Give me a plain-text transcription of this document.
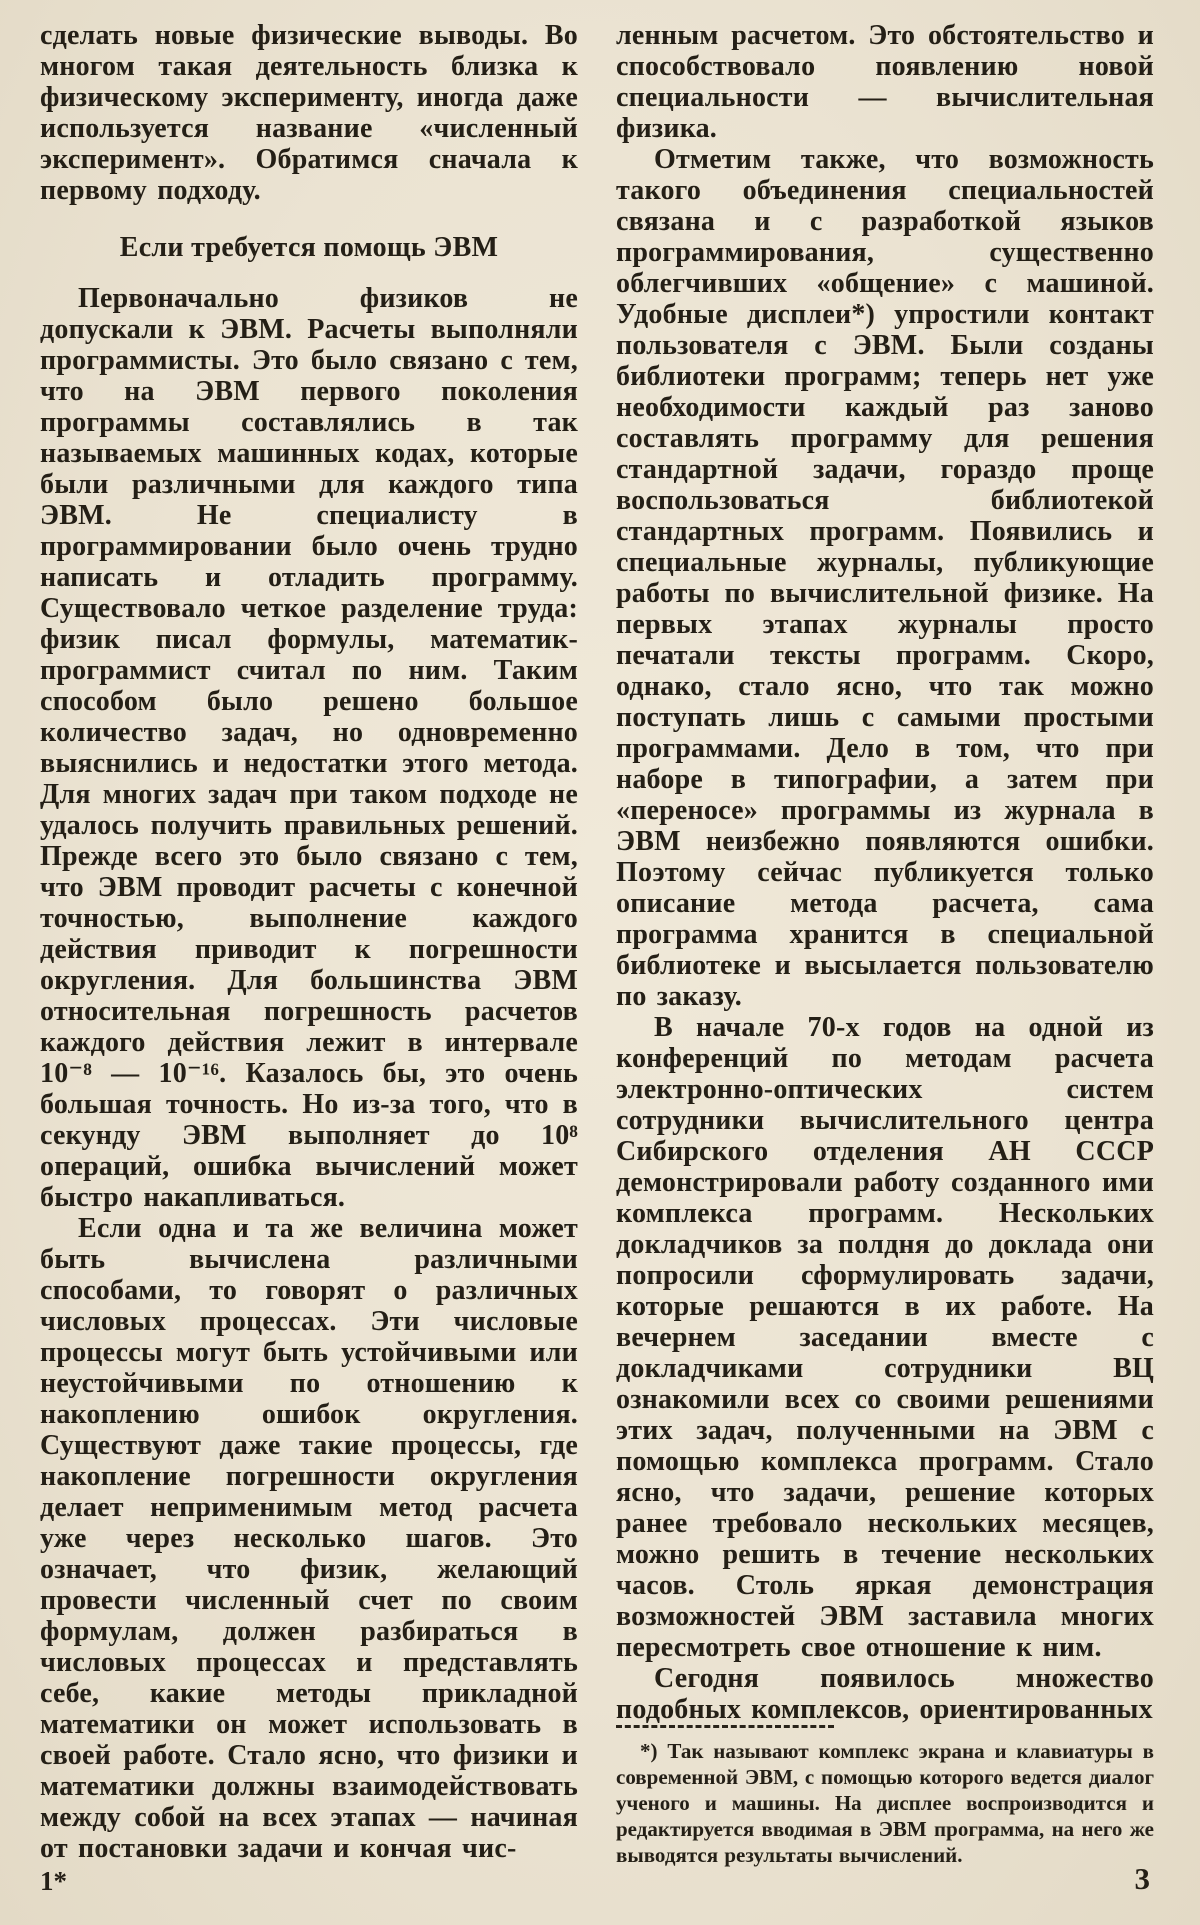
сделать новые физические выводы. Во многом такая деятельность близка к физическому эксперименту, иногда даже используется название «численный эксперимент». Обратимся сначала к первому подходу.

Если требуется помощь ЭВМ

Первоначально физиков не допускали к ЭВМ. Расчеты выполняли программисты. Это было связано с тем, что на ЭВМ первого поколения программы составлялись в так называемых машинных кодах, которые были различными для каждого типа ЭВМ. Не специалисту в программировании было очень трудно написать и отладить программу. Существовало четкое разделение труда: физик писал формулы, математик-программист считал по ним. Таким способом было решено большое количество задач, но одновременно выяснились и недостатки этого метода. Для многих задач при таком подходе не удалось получить правильных решений. Прежде всего это было связано с тем, что ЭВМ проводит расчеты с конечной точностью, выполнение каждого действия приводит к погрешности округления. Для большинства ЭВМ относительная погрешность расчетов каждого действия лежит в интервале 10⁻⁸ — 10⁻¹⁶. Казалось бы, это очень большая точность. Но из-за того, что в секунду ЭВМ выполняет до 10⁸ операций, ошибка вычислений может быстро накапливаться.

Если одна и та же величина может быть вычислена различными способами, то говорят о различных числовых процессах. Эти числовые процессы могут быть устойчивыми или неустойчивыми по отношению к накоплению ошибок округления. Существуют даже такие процессы, где накопление погрешности округления делает неприменимым метод расчета уже через несколько шагов. Это означает, что физик, желающий провести численный счет по своим формулам, должен разбираться в числовых процессах и представлять себе, какие методы прикладной математики он может использовать в своей работе. Стало ясно, что физики и математики должны взаимодействовать между собой на всех этапах — начиная от постановки задачи и кончая чис-

ленным расчетом. Это обстоятельство и способствовало появлению новой специальности — вычислительная физика.

Отметим также, что возможность такого объединения специальностей связана и с разработкой языков программирования, существенно облегчивших «общение» с машиной. Удобные дисплеи*) упростили контакт пользователя с ЭВМ. Были созданы библиотеки программ; теперь нет уже необходимости каждый раз заново составлять программу для решения стандартной задачи, гораздо проще воспользоваться библиотекой стандартных программ. Появились и специальные журналы, публикующие работы по вычислительной физике. На первых этапах журналы просто печатали тексты программ. Скоро, однако, стало ясно, что так можно поступать лишь с самыми простыми программами. Дело в том, что при наборе в типографии, а затем при «переносе» программы из журнала в ЭВМ неизбежно появляются ошибки. Поэтому сейчас публикуется только описание метода расчета, сама программа хранится в специальной библиотеке и высылается пользователю по заказу.

В начале 70-х годов на одной из конференций по методам расчета электронно-оптических систем сотрудники вычислительного центра Сибирского отделения АН СССР демонстрировали работу созданного ими комплекса программ. Нескольких докладчиков за полдня до доклада они попросили сформулировать задачи, которые решаются в их работе. На вечернем заседании вместе с докладчиками сотрудники ВЦ ознакомили всех со своими решениями этих задач, полученными на ЭВМ с помощью комплекса программ. Стало ясно, что задачи, решение которых ранее требовало нескольких месяцев, можно решить в течение нескольких часов. Столь яркая демонстрация возможностей ЭВМ заставила многих пересмотреть свое отношение к ним.

Сегодня появилось множество подобных комплексов, ориентированных

*) Так называют комплекс экрана и клавиатуры в современной ЭВМ, с помощью которого ведется диалог ученого и машины. На дисплее воспроизводится и редактируется вводимая в ЭВМ программа, на него же выводятся результаты вычислений.

1*	3
